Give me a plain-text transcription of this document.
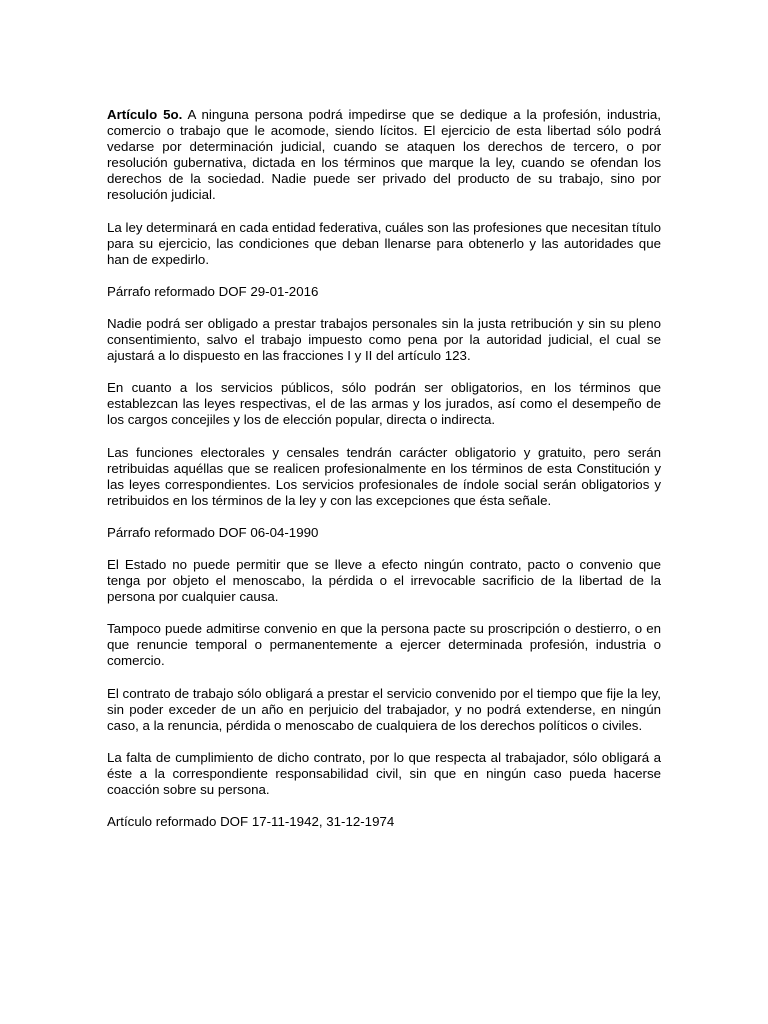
Artículo 5o. A ninguna persona podrá impedirse que se dedique a la profesión, industria, comercio o trabajo que le acomode, siendo lícitos. El ejercicio de esta libertad sólo podrá vedarse por determinación judicial, cuando se ataquen los derechos de tercero, o por resolución gubernativa, dictada en los términos que marque la ley, cuando se ofendan los derechos de la sociedad. Nadie puede ser privado del producto de su trabajo, sino por resolución judicial.

La ley determinará en cada entidad federativa, cuáles son las profesiones que necesitan título para su ejercicio, las condiciones que deban llenarse para obtenerlo y las autoridades que han de expedirlo.

Párrafo reformado DOF 29-01-2016

Nadie podrá ser obligado a prestar trabajos personales sin la justa retribución y sin su pleno consentimiento, salvo el trabajo impuesto como pena por la autoridad judicial, el cual se ajustará a lo dispuesto en las fracciones I y II del artículo 123.

En cuanto a los servicios públicos, sólo podrán ser obligatorios, en los términos que establezcan las leyes respectivas, el de las armas y los jurados, así como el desempeño de los cargos concejiles y los de elección popular, directa o indirecta.

Las funciones electorales y censales tendrán carácter obligatorio y gratuito, pero serán retribuidas aquéllas que se realicen profesionalmente en los términos de esta Constitución y las leyes correspondientes. Los servicios profesionales de índole social serán obligatorios y retribuidos en los términos de la ley y con las excepciones que ésta señale.

Párrafo reformado DOF 06-04-1990

El Estado no puede permitir que se lleve a efecto ningún contrato, pacto o convenio que tenga por objeto el menoscabo, la pérdida o el irrevocable sacrificio de la libertad de la persona por cualquier causa.

Tampoco puede admitirse convenio en que la persona pacte su proscripción o destierro, o en que renuncie temporal o permanentemente a ejercer determinada profesión, industria o comercio.

El contrato de trabajo sólo obligará a prestar el servicio convenido por el tiempo que fije la ley, sin poder exceder de un año en perjuicio del trabajador, y no podrá extenderse, en ningún caso, a la renuncia, pérdida o menoscabo de cualquiera de los derechos políticos o civiles.

La falta de cumplimiento de dicho contrato, por lo que respecta al trabajador, sólo obligará a éste a la correspondiente responsabilidad civil, sin que en ningún caso pueda hacerse coacción sobre su persona.

Artículo reformado DOF 17-11-1942, 31-12-1974
